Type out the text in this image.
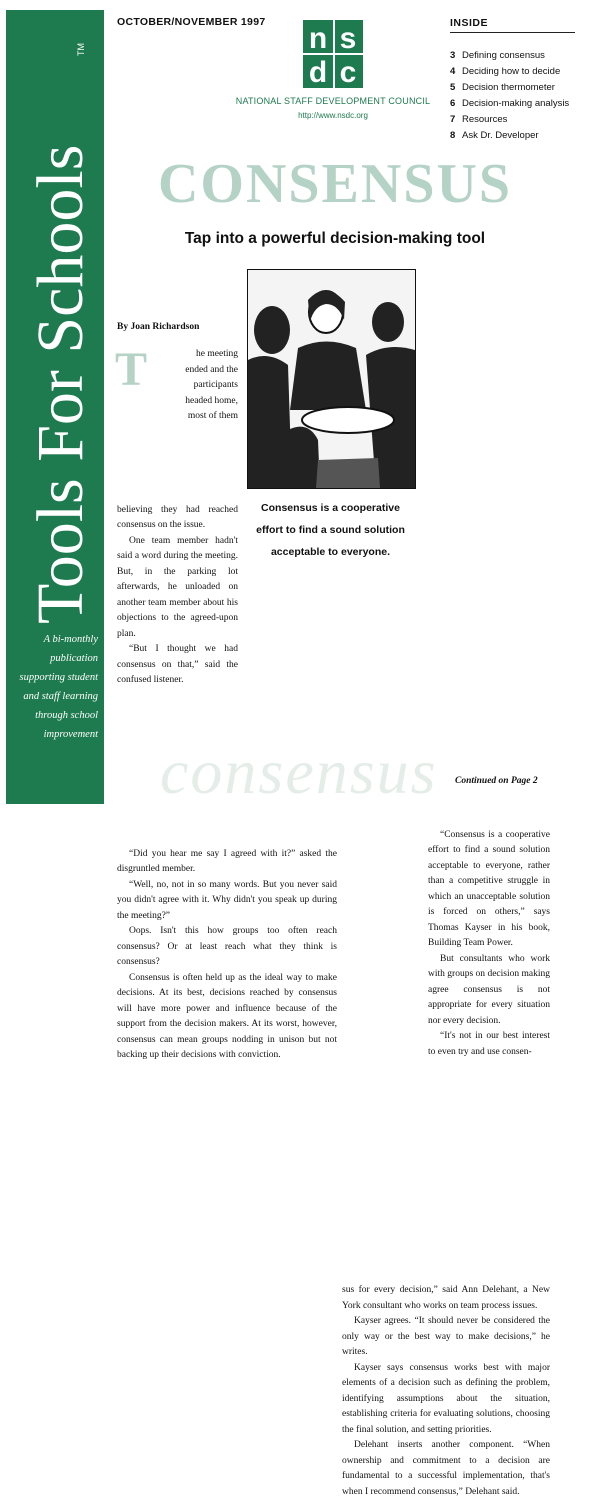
Tools For Schools
TM
A bi-monthly
publication
supporting student
and staff learning
through school
improvement
OCTOBER/NOVEMBER 1997 n s
d c
NATIONAL STAFF DEVELOPMENT COUNCIL
http://www.nsdc.org
INSIDE
3 Defining consensus
4 Deciding how to decide
5 Decision thermometer
6 Decision-making analysis
7 Resources
8 Ask Dr. Developer
CONSENSUS
Tap into a powerful decision-making tool
Consensus is a cooperative effort to find a sound solution acceptable to everyone.
consensus
By Joan Richardson
T	he meeting
ended and the
participants
headed home,
most of them
believing they had reached consensus on the issue.
One team member hadn't said a word during the meeting. But, in the parking lot afterwards, he unloaded on another team member about his objections to the agreed-upon plan.
“But I thought we had consensus on that,” said the confused listener.
“Did you hear me say I agreed with it?” asked the disgruntled member.
“Well, no, not in so many words. But you never said you didn't agree with it. Why didn't you speak up during the meeting?”
Oops. Isn't this how groups too often reach consensus? Or at least reach what they think is consensus?
Consensus is often held up as the ideal way to make decisions. At its best, decisions reached by consensus will have more power and influence because of the support from the decision makers. At its worst, however, consensus can mean groups nodding in unison but not backing up their decisions with conviction.
“Consensus is a cooperative effort to find a sound solution acceptable to everyone, rather than a competitive struggle in which an unacceptable solution is forced on others,” says Thomas Kayser in his book, Building Team Power.
But consultants who work with groups on decision making agree consensus is not appropriate for every situation nor every decision.
“It's not in our best interest to even try and use consen-
sus for every decision,” said Ann Delehant, a New York consultant who works on team process issues.
Kayser agrees. “It should never be considered the only way or the best way to make decisions,” he writes.
Kayser says consensus works best with major elements of a decision such as defining the problem, identifying assumptions about the situation, establishing criteria for evaluating solutions, choosing the final solution, and setting priorities.
Delehant inserts another component. “When ownership and commitment to a decision are fundamental to a successful implementation, that's when I recommend consensus,” Delehant said.
Continued on Page 2
